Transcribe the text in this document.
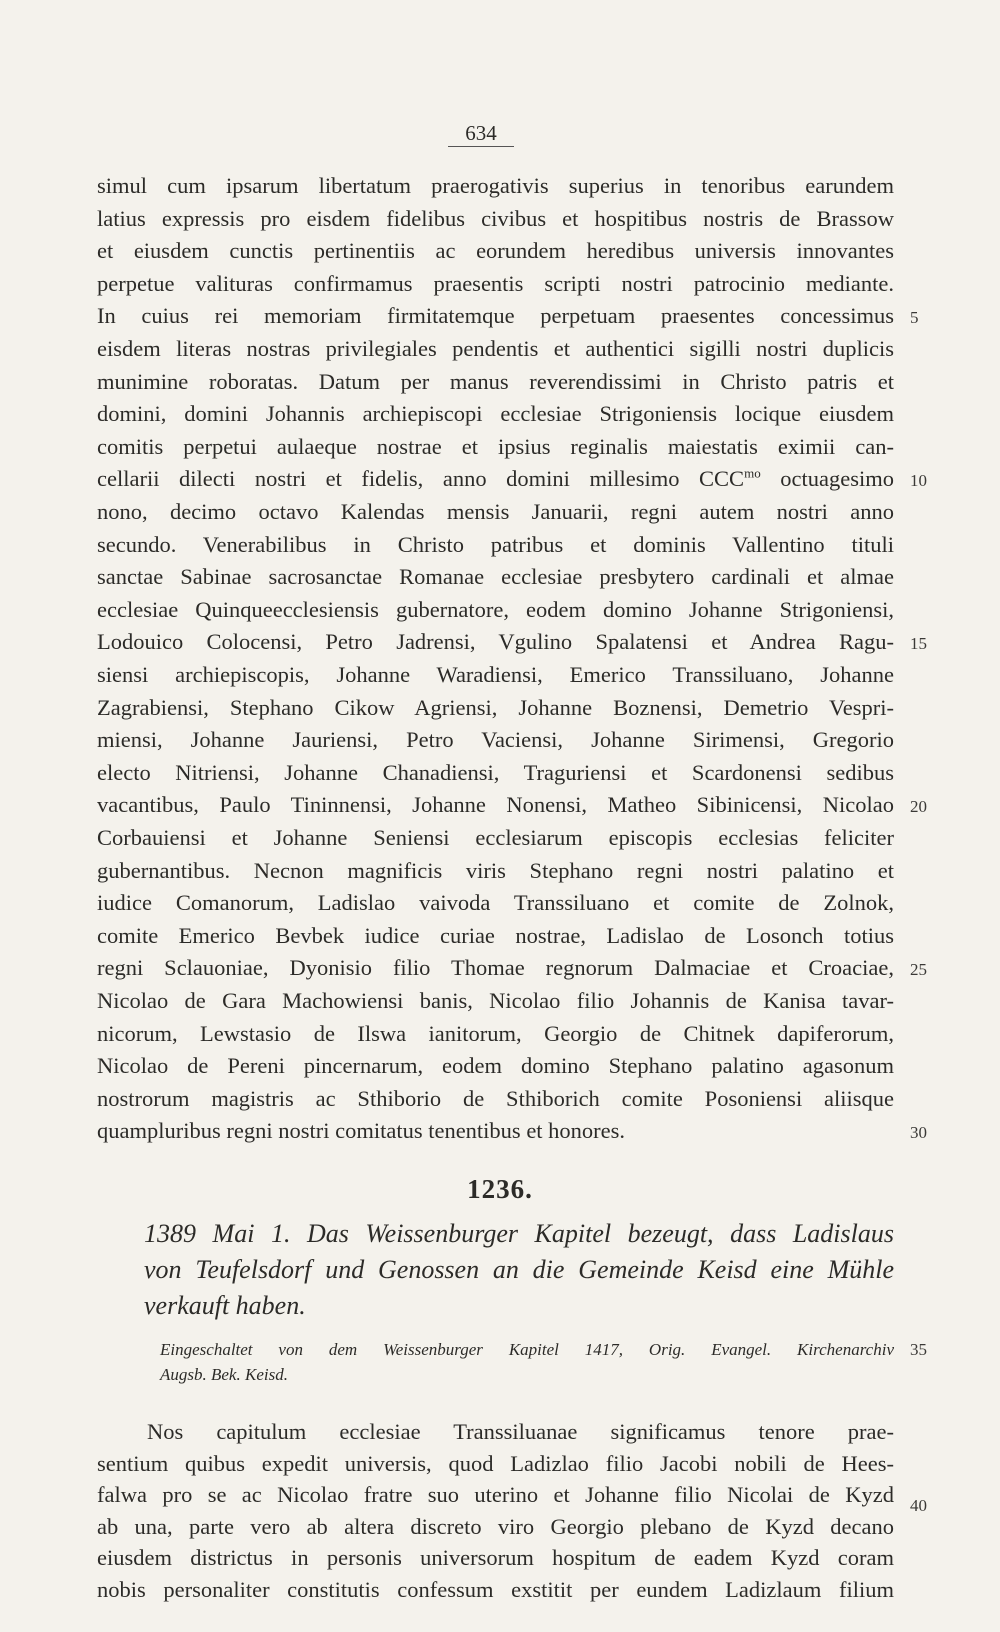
634
simul cum ipsarum libertatum praerogativis superius in tenoribus earundem
latius expressis pro eisdem fidelibus civibus et hospitibus nostris de Brassow
et eiusdem cunctis pertinentiis ac eorundem heredibus universis innovantes
perpetue valituras confirmamus praesentis scripti nostri patrocinio mediante.
In cuius rei memoriam firmitatemque perpetuam praesentes concessimus
eisdem literas nostras privilegiales pendentis et authentici sigilli nostri duplicis
munimine roboratas. Datum per manus reverendissimi in Christo patris et
domini, domini Johannis archiepiscopi ecclesiae Strigoniensis locique eiusdem
comitis perpetui aulaeque nostrae et ipsius reginalis maiestatis eximii can-
cellarii dilecti nostri et fidelis, anno domini millesimo $CCC^{mo}$ octuagesimo
nono, decimo octavo Kalendas mensis Januarii, regni autem nostri anno
secundo. Venerabilibus in Christo patribus et dominis Vallentino tituli
sanctae Sabinae sacrosanctae Romanae ecclesiae presbytero cardinali et almae
ecclesiae Quinqueecclesiensis gubernatore, eodem domino Johanne Strigoniensi,
Lodouico Colocensi, Petro Jadrensi, Vgulino Spalatensi et Andrea Ragu-
siensi archiepiscopis, Johanne Waradiensi, Emerico Transsiluano, Johanne
Zagrabiensi, Stephano Cikow Agriensi, Johanne Boznensi, Demetrio Vespri-
miensi, Johanne Jauriensi, Petro Vaciensi, Johanne Sirimensi, Gregorio
electo Nitriensi, Johanne Chanadiensi, Traguriensi et Scardonensi sedibus
vacantibus, Paulo Tininnensi, Johanne Nonensi, Matheo Sibinicensi, Nicolao
Corbauiensi et Johanne Seniensi ecclesiarum episcopis ecclesias feliciter
gubernantibus. Necnon magnificis viris Stephano regni nostri palatino et
iudice Comanorum, Ladislao vaivoda Transsiluano et comite de Zolnok,
comite Emerico Bevbek iudice curiae nostrae, Ladislao de Losonch totius
regni Sclauoniae, Dyonisio filio Thomae regnorum Dalmaciae et Croaciae,
Nicolao de Gara Machowiensi banis, Nicolao filio Johannis de Kanisa tavar-
nicorum, Lewstasio de Ilswa ianitorum, Georgio de Chitnek dapiferorum,
Nicolao de Pereni pincernarum, eodem domino Stephano palatino agasonum
nostrorum magistris ac Sthiborio de Sthiborich comite Posoniensi aliisque
quampluribus regni nostri comitatus tenentibus et honores.
5
10
15
20
25
30
35
40
1236.
1389 Mai 1. Das Weissenburger Kapitel bezeugt, dass Ladislaus
von Teufelsdorf und Genossen an die Gemeinde Keisd eine Mühle
verkauft haben.
Eingeschaltet von dem Weissenburger Kapitel 1417, Orig. Evangel. Kirchenarchiv
Augsb. Bek. Keisd.
Nos capitulum ecclesiae Transsiluanae significamus tenore prae-
sentium quibus expedit universis, quod Ladizlao filio Jacobi nobili de Hees-
falwa pro se ac Nicolao fratre suo uterino et Johanne filio Nicolai de Kyzd
ab una, parte vero ab altera discreto viro Georgio plebano de Kyzd decano
eiusdem districtus in personis universorum hospitum de eadem Kyzd coram
nobis personaliter constitutis confessum exstitit per eundem Ladizlaum filium
